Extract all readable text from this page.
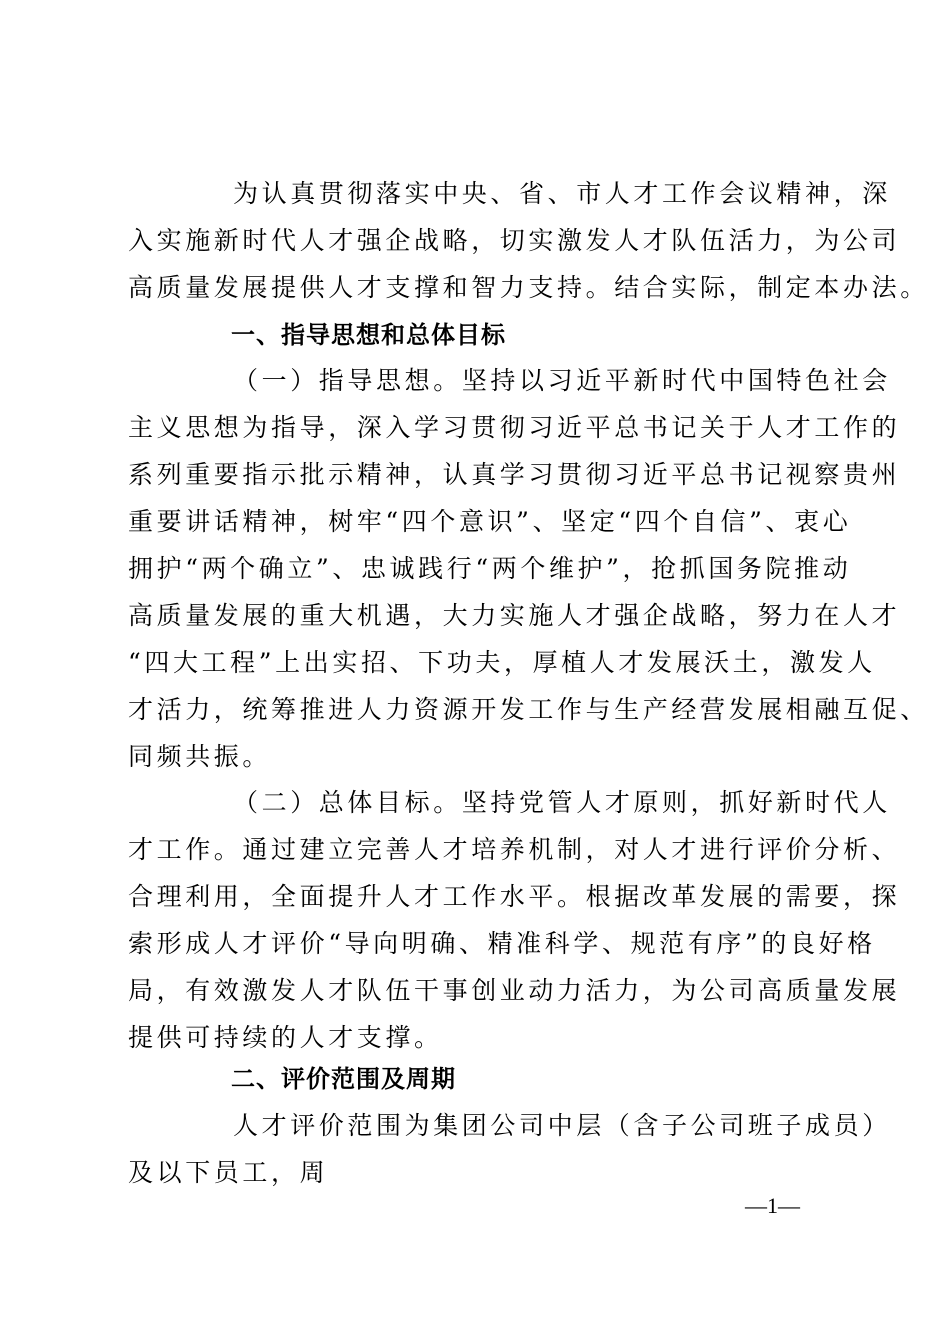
为认真贯彻落实中央、省、市人才工作会议精神，深
入实施新时代人才强企战略，切实激发人才队伍活力，为公司
高质量发展提供人才支撑和智力支持。结合实际，制定本办法。
一、指导思想和总体目标
（一）指导思想。坚持以习近平新时代中国特色社会
主义思想为指导，深入学习贯彻习近平总书记关于人才工作的
系列重要指示批示精神，认真学习贯彻习近平总书记视察贵州
重要讲话精神，树牢“四个意识”、坚定“四个自信”、衷心
拥护“两个确立”、忠诚践行“两个维护”，抢抓国务院推动
高质量发展的重大机遇，大力实施人才强企战略，努力在人才
“四大工程”上出实招、下功夫，厚植人才发展沃土，激发人
才活力，统筹推进人力资源开发工作与生产经营发展相融互促、
同频共振。
（二）总体目标。坚持党管人才原则，抓好新时代人
才工作。通过建立完善人才培养机制，对人才进行评价分析、
合理利用，全面提升人才工作水平。根据改革发展的需要，探
索形成人才评价“导向明确、精准科学、规范有序”的良好格
局，有效激发人才队伍干事创业动力活力，为公司高质量发展
提供可持续的人才支撑。
二、评价范围及周期
人才评价范围为集团公司中层（含子公司班子成员）
及以下员工，周
—1—
